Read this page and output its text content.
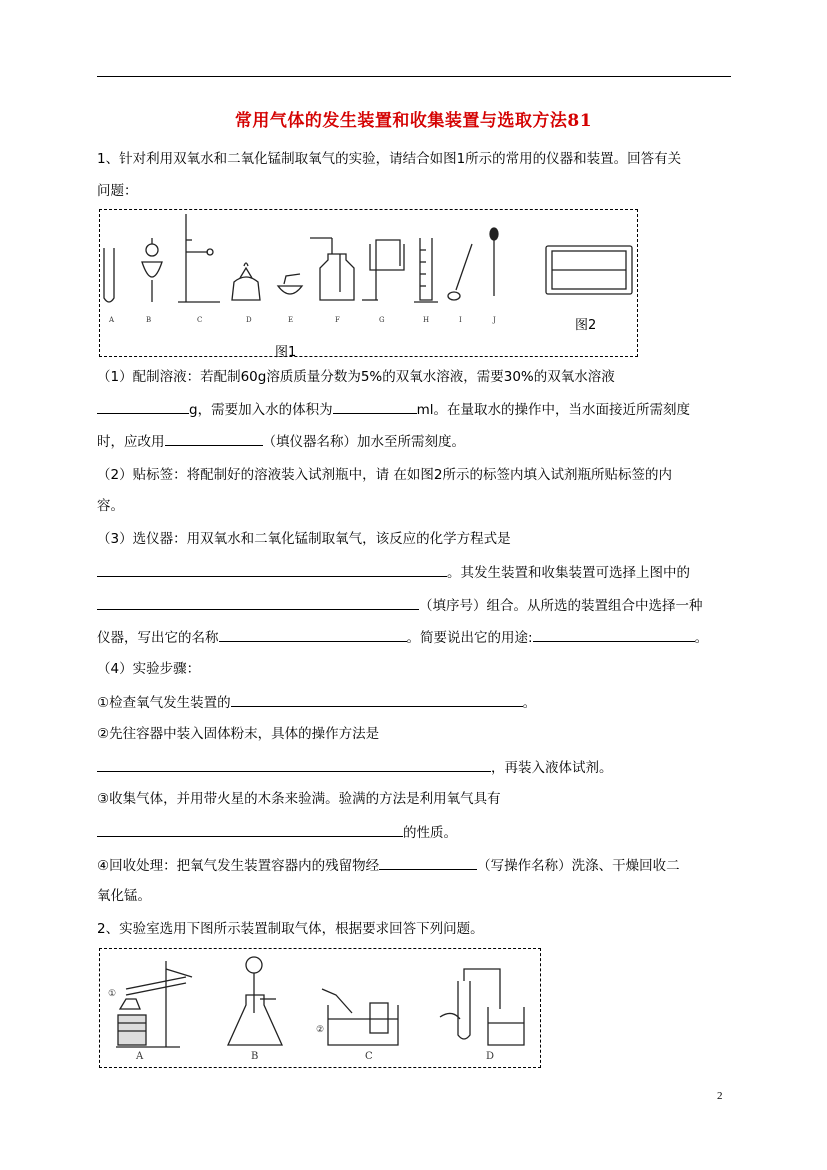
常用气体的发生装置和收集装置与选取方法81
1、针对利用双氧水和二氧化锰制取氧气的实验，请结合如图1所示的常用的仪器和装置。回答有关
问题：
A	B	C	D	E	F	G	H	I	J
图1
图2
（1）配制溶液：若配制60g溶质质量分数为5%的双氧水溶液，需要30%的双氧水溶液
g，需要加入水的体积为	ml。在量取水的操作中，当水面接近所需刻度
时，应改用	（填仪器名称）加水至所需刻度。
（2）贴标签：将配制好的溶液装入试剂瓶中，请 在如图2所示的标签内填入试剂瓶所贴标签的内
容。
（3）选仪器：用双氧水和二氧化锰制取氧气，该反应的化学方程式是
。其发生装置和收集装置可选择上图中的
（填序号）组合。从所选的装置组合中选择一种
仪器，写出它的名称	。简要说出它的用途:	。
（4）实验步骤：
①检查氧气发生装置的	。
②先往容器中装入固体粉末，具体的操作方法是
，再装入液体试剂。
③收集气体，并用带火星的木条来验满。验满的方法是利用氧气具有
的性质。
④回收处理：把氧气发生装置容器内的残留物经	（写操作名称）洗涤、干燥回收二
氧化锰。
2、实验室选用下图所示装置制取气体，根据要求回答下列问题。
①
②
A	B	C	D
2
